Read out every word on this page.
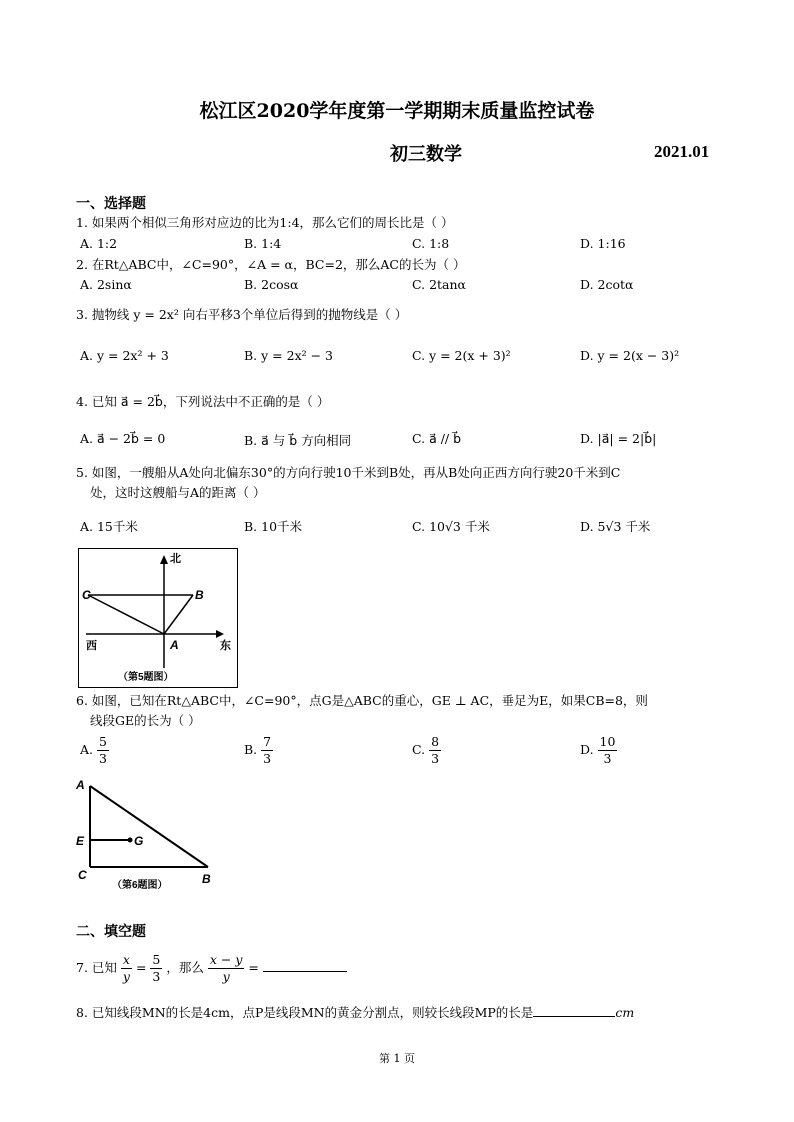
松江区2020学年度第一学期期末质量监控试卷
初三数学	2021.01
一、选择题
1. 如果两个相似三角形对应边的比为1:4，那么它们的周长比是（ ）
A. 1:2	B. 1:4	C. 1:8	D. 1:16
2. 在Rt△ABC中，∠C=90°，∠A = α，BC=2，那么AC的长为（ ）
A. 2sinα	B. 2cosα	C. 2tanα	D. 2cotα
3. 抛物线 y = 2x² 向右平移3个单位后得到的抛物线是（ ）
A. y = 2x² + 3	B. y = 2x² − 3	C. y = 2(x + 3)²	D. y = 2(x − 3)²
4. 已知 a⃗ = 2b⃗，下列说法中不正确的是（ ）
A. a⃗ − 2b⃗ = 0	B. a⃗ 与 b⃗ 方向相同	C. a⃗ // b⃗	D. |a⃗| = 2|b⃗|
5. 如图，一艘船从A处向北偏东30°的方向行驶10千米到B处，再从B处向正西方向行驶20千米到C
处，这时这艘船与A的距离（ ）
A. 15千米	B. 10千米	C. 10√3 千米	D. 5√3 千米
北
东
西
C	B
A
（第5题图）
6. 如图，已知在Rt△ABC中，∠C=90°，点G是△ABC的重心，GE ⊥ AC，垂足为E，如果CB=8，则
线段GE的长为（ ）
A. $\frac{5}{3}$	B. $\frac{7}{3}$	C. $\frac{8}{3}$	D. $\frac{10}{3}$
A
E	G
C	B
（第6题图）
二、填空题
7. 已知 $\frac{x}{y} = \frac{5}{3}$ ，那么 $\frac{x - y}{y}$ =
8. 已知线段MN的长是4cm，点P是线段MN的黄金分割点，则较长线段MP的长是	cm
第 1 页
